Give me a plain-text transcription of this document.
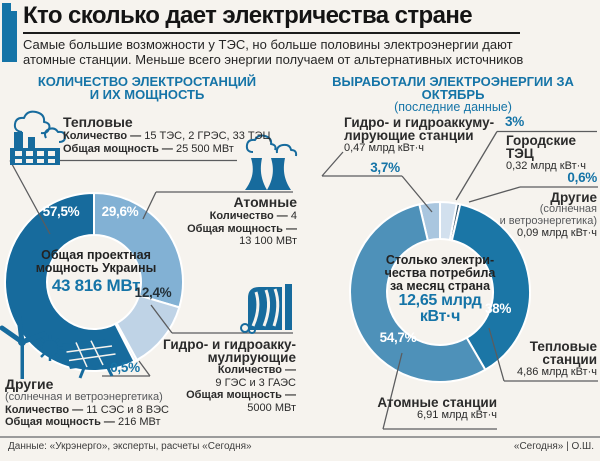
Кто сколько дает электричества стране
Самые большие возможности у ТЭС, но больше половины электроэнергии дают
атомные станции. Меньше всего энергии получаем от альтернативных источников
КОЛИЧЕСТВО ЭЛЕКТРОСТАНЦИЙ
И ИХ МОЩНОСТЬ
ВЫРАБОТАЛИ ЭЛЕКТРОЭНЕРГИИ ЗА ОКТЯБРЬ
(последние данные)
Тепловые
Количество — 15 ТЭС, 2 ГРЭС, 33 ТЭЦ
Общая мощность — 25 500 МВт
Атомные
Количество — 4
Общая мощность —
13 100 МВт
Гидро- и гидроакку-
мулирующие
Количество —
9 ГЭС и 3 ГАЭС
Общая мощность —
5000 МВт
Другие
(солнечная и ветроэнергетика)
Количество — 11 СЭС и 8 ВЭС
Общая мощность — 216 МВт
Общая проектная
мощность Украины
43 816 МВт
57,5%	29,6%
12,4%
0,5%
Гидро- и гидроаккуму-
лирующие станции
0,47 млрд кВт·ч
3,7%
3%
Городские ТЭЦ
0,32 млрд кВт·ч
0,6%
Другие
(солнечная
и ветроэнергетика)
0,09 млрд кВт·ч
Тепловые
станции
4,86 млрд кВт·ч
Атомные станции
6,91 млрд кВт·ч
Столько электри-
чества потребила
за месяц страна
12,65 млрд
кВт·ч
54,7%
38%
Данные: «Укрэнерго», эксперты, расчеты «Сегодня»	«Сегодня» | О.Ш.
